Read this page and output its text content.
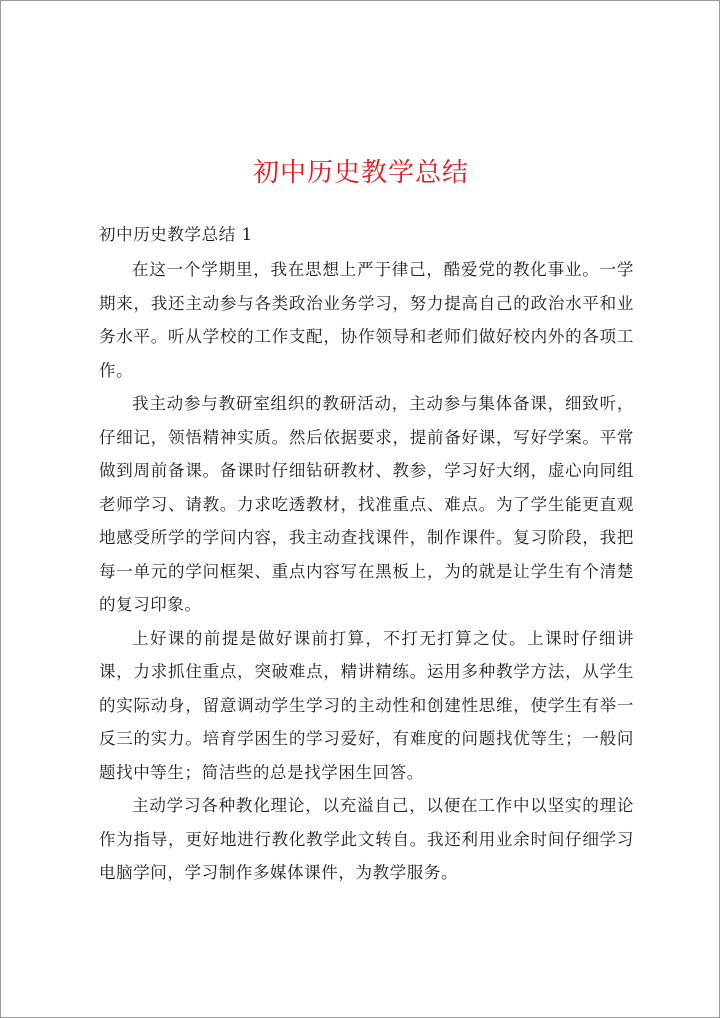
初中历史教学总结

初中历史教学总结 1

在这一个学期里，我在思想上严于律己，酷爱党的教化事业。一学期来，我还主动参与各类政治业务学习，努力提高自己的政治水平和业务水平。听从学校的工作支配，协作领导和老师们做好校内外的各项工作。

我主动参与教研室组织的教研活动，主动参与集体备课，细致听，仔细记，领悟精神实质。然后依据要求，提前备好课，写好学案。平常做到周前备课。备课时仔细钻研教材、教参，学习好大纲，虚心向同组老师学习、请教。力求吃透教材，找准重点、难点。为了学生能更直观地感受所学的学问内容，我主动查找课件，制作课件。复习阶段，我把每一单元的学问框架、重点内容写在黑板上，为的就是让学生有个清楚的复习印象。

上好课的前提是做好课前打算，不打无打算之仗。上课时仔细讲课，力求抓住重点，突破难点，精讲精练。运用多种教学方法，从学生的实际动身，留意调动学生学习的主动性和创建性思维，使学生有举一反三的实力。培育学困生的学习爱好，有难度的问题找优等生；一般问题找中等生；简洁些的总是找学困生回答。

主动学习各种教化理论，以充溢自己，以便在工作中以坚实的理论作为指导，更好地进行教化教学此文转自。我还利用业余时间仔细学习电脑学问，学习制作多媒体课件，为教学服务。
